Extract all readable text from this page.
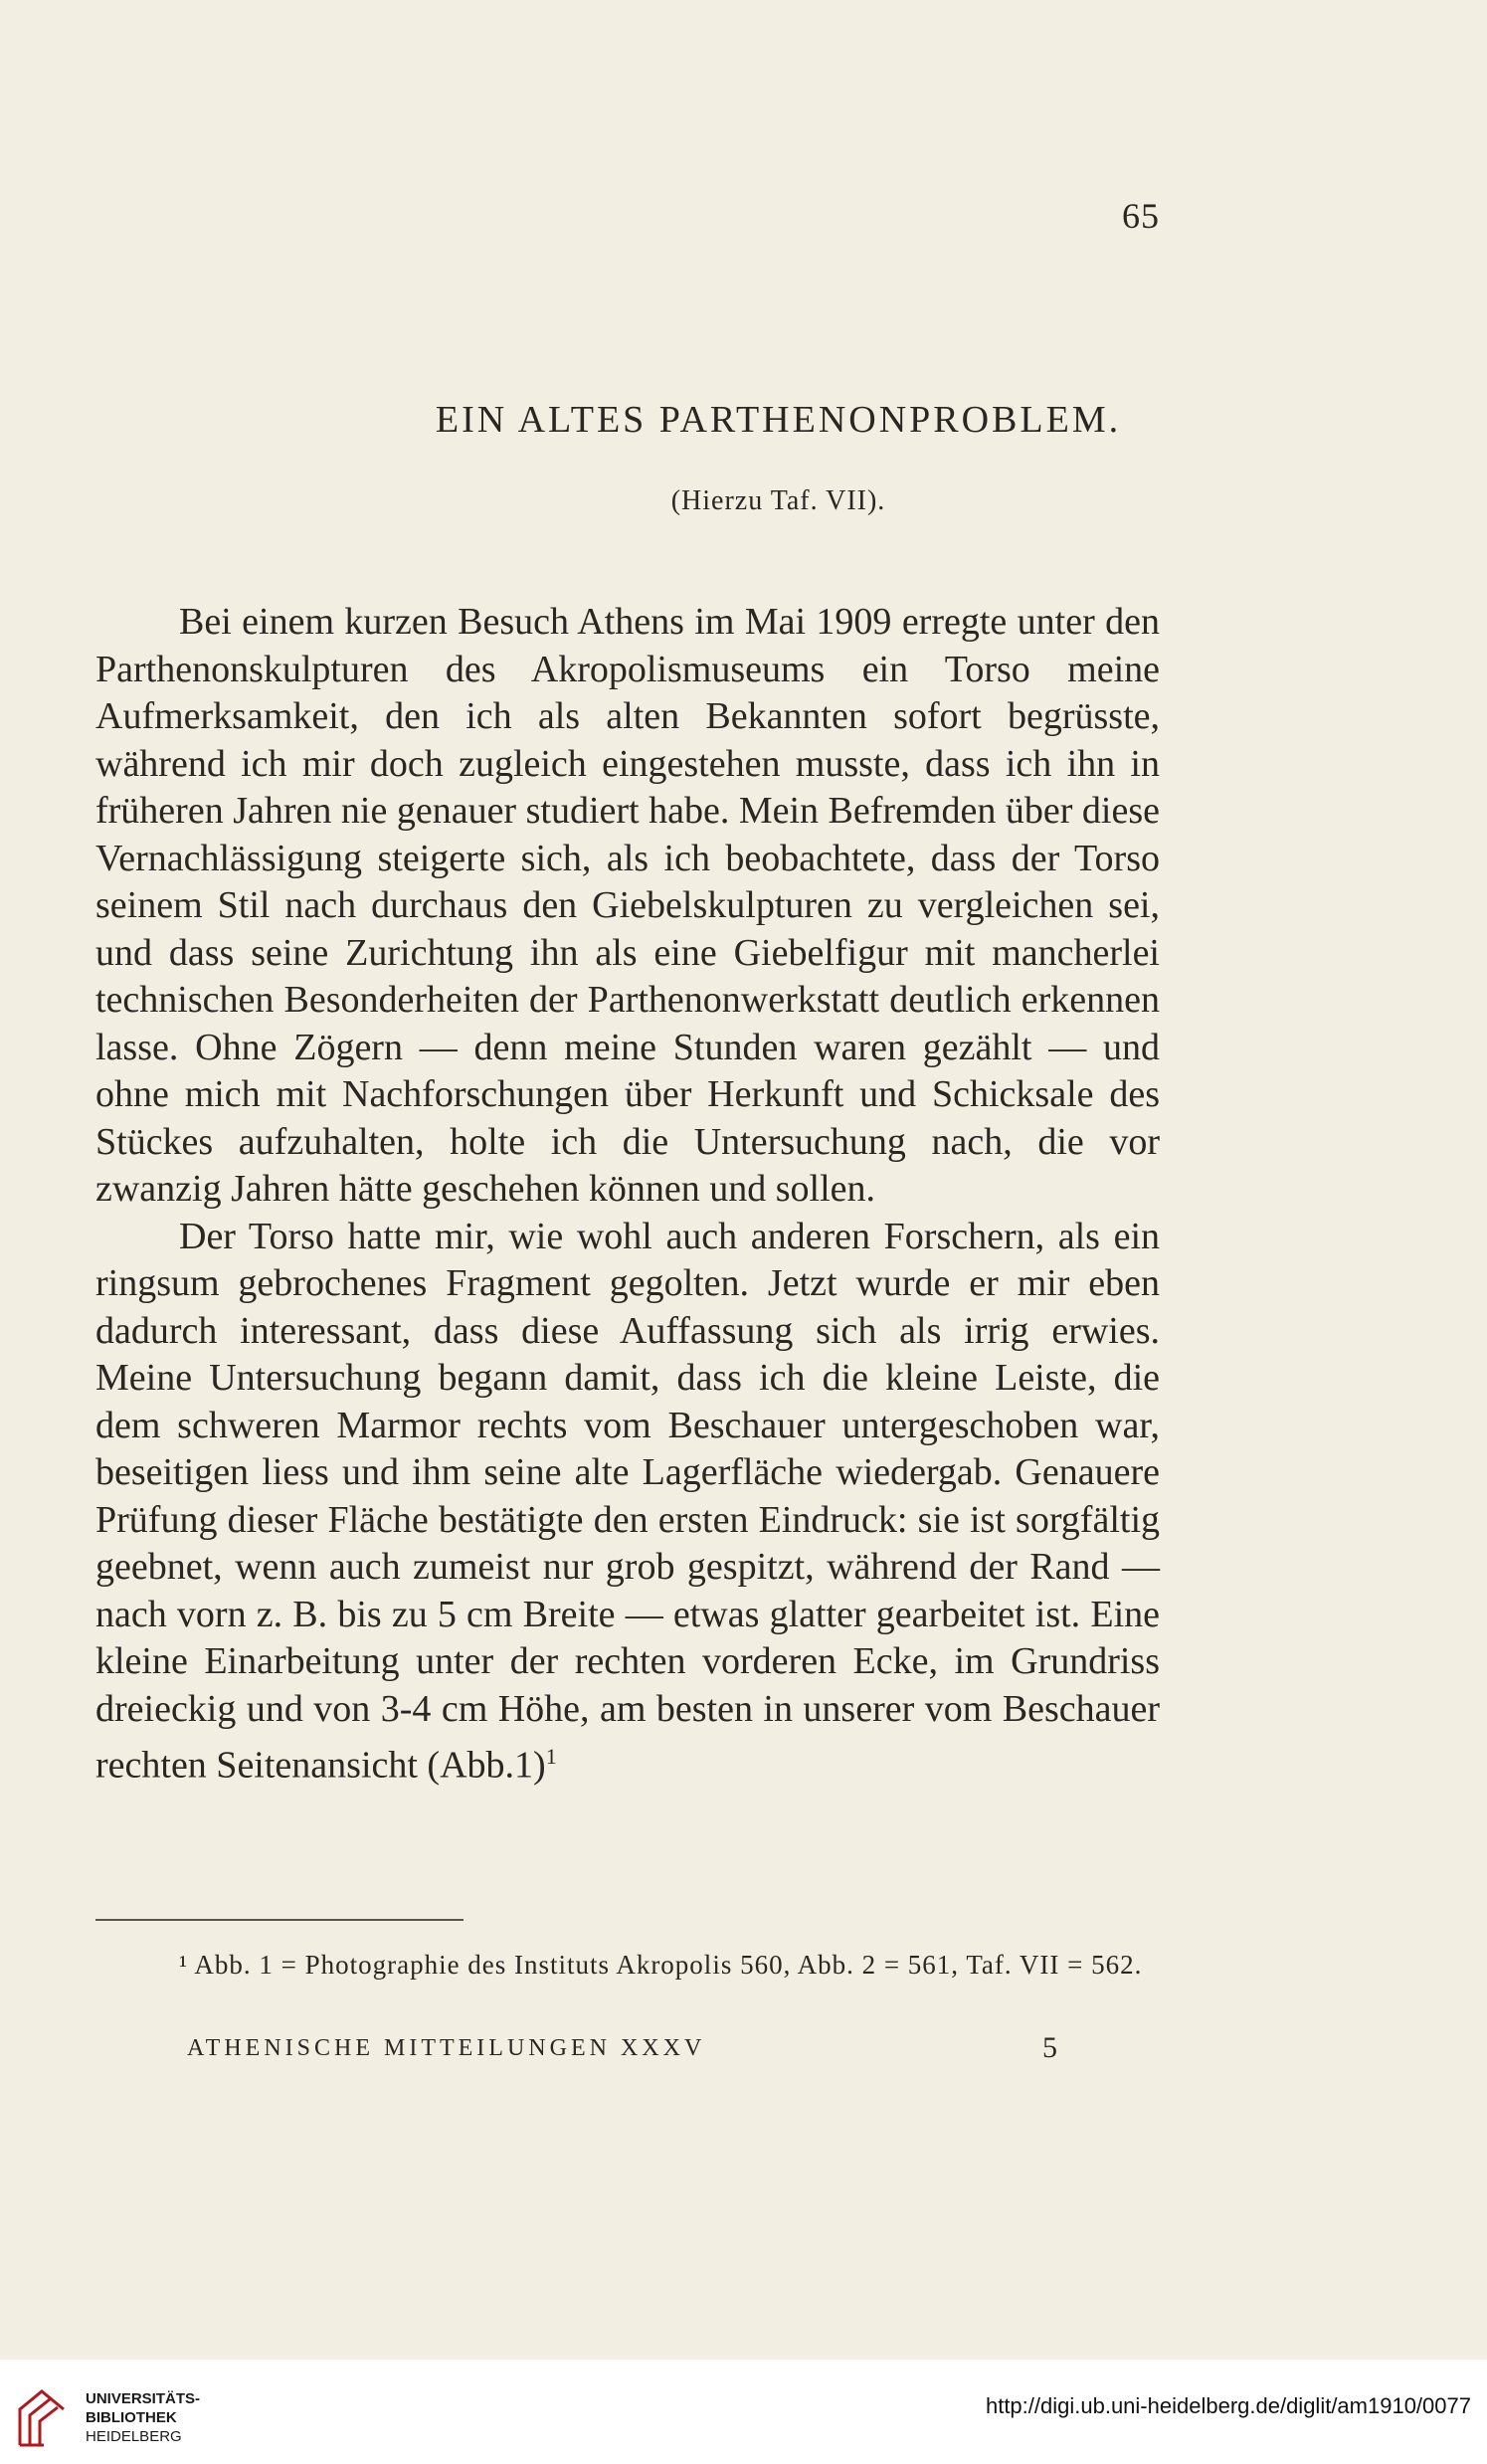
65
EIN ALTES PARTHENONPROBLEM.
(Hierzu Taf. VII).

Bei einem kurzen Besuch Athens im Mai 1909 erregte unter den Parthenonskulpturen des Akropolismuseums ein Torso meine Aufmerksamkeit, den ich als alten Bekannten sofort begrüsste, während ich mir doch zugleich eingestehen musste, dass ich ihn in früheren Jahren nie genauer studiert habe. Mein Befremden über diese Vernachlässigung steigerte sich, als ich beobachtete, dass der Torso seinem Stil nach durchaus den Giebelskulpturen zu vergleichen sei, und dass seine Zurichtung ihn als eine Giebelfigur mit mancherlei technischen Besonderheiten der Parthenonwerkstatt deutlich erkennen lasse. Ohne Zögern — denn meine Stunden waren gezählt — und ohne mich mit Nachforschungen über Herkunft und Schicksale des Stückes aufzuhalten, holte ich die Untersuchung nach, die vor zwanzig Jahren hätte geschehen können und sollen.

Der Torso hatte mir, wie wohl auch anderen Forschern, als ein ringsum gebrochenes Fragment gegolten. Jetzt wurde er mir eben dadurch interessant, dass diese Auffassung sich als irrig erwies. Meine Untersuchung begann damit, dass ich die kleine Leiste, die dem schweren Marmor rechts vom Beschauer untergeschoben war, beseitigen liess und ihm seine alte Lagerfläche wiedergab. Genauere Prüfung dieser Fläche bestätigte den ersten Eindruck: sie ist sorgfältig geebnet, wenn auch zumeist nur grob gespitzt, während der Rand —nach vorn z. B. bis zu 5 cm Breite — etwas glatter gearbeitet ist. Eine kleine Einarbeitung unter der rechten vorderen Ecke, im Grundriss dreieckig und von 3-4 cm Höhe, am besten in unserer vom Beschauer rechten Seitenansicht $(Abb.1)^1$

¹ Abb. 1 = Photographie des Instituts Akropolis 560, Abb. 2 = 561, Taf. VII = 562.
ATHENISCHE MITTEILUNGEN XXXV	5
UNIVERSITÄTS-
BIBLIOTHEK
HEIDELBERG
http://digi.ub.uni-heidelberg.de/diglit/am1910/0077
